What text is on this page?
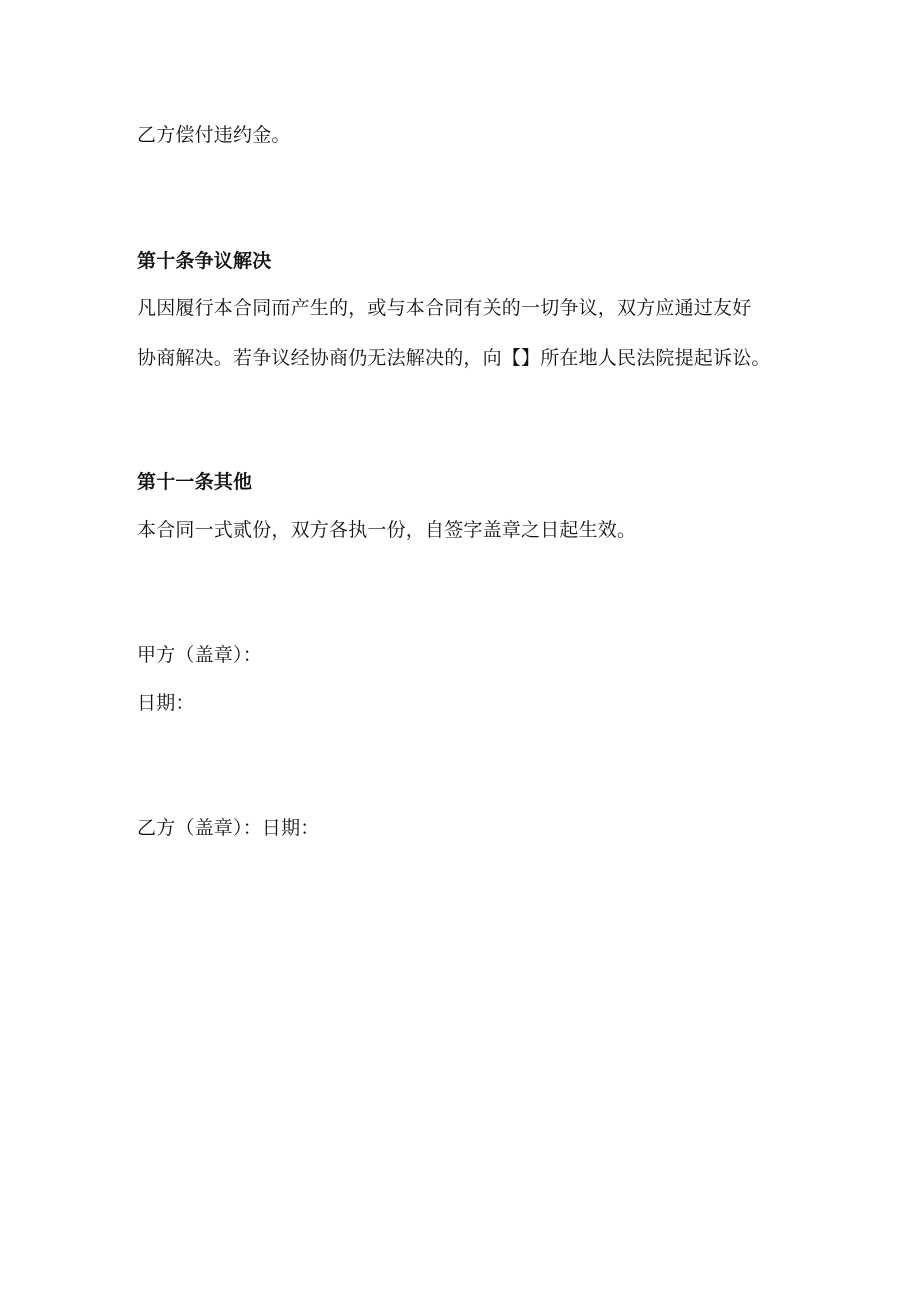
乙方偿付违约金。
第十条争议解决
凡因履行本合同而产生的，或与本合同有关的一切争议，双方应通过友好
协商解决。若争议经协商仍无法解决的，向【】所在地人民法院提起诉讼。
第十一条其他
本合同一式贰份，双方各执一份，自签字盖章之日起生效。
甲方（盖章）：
日期：
乙方（盖章）：日期：
